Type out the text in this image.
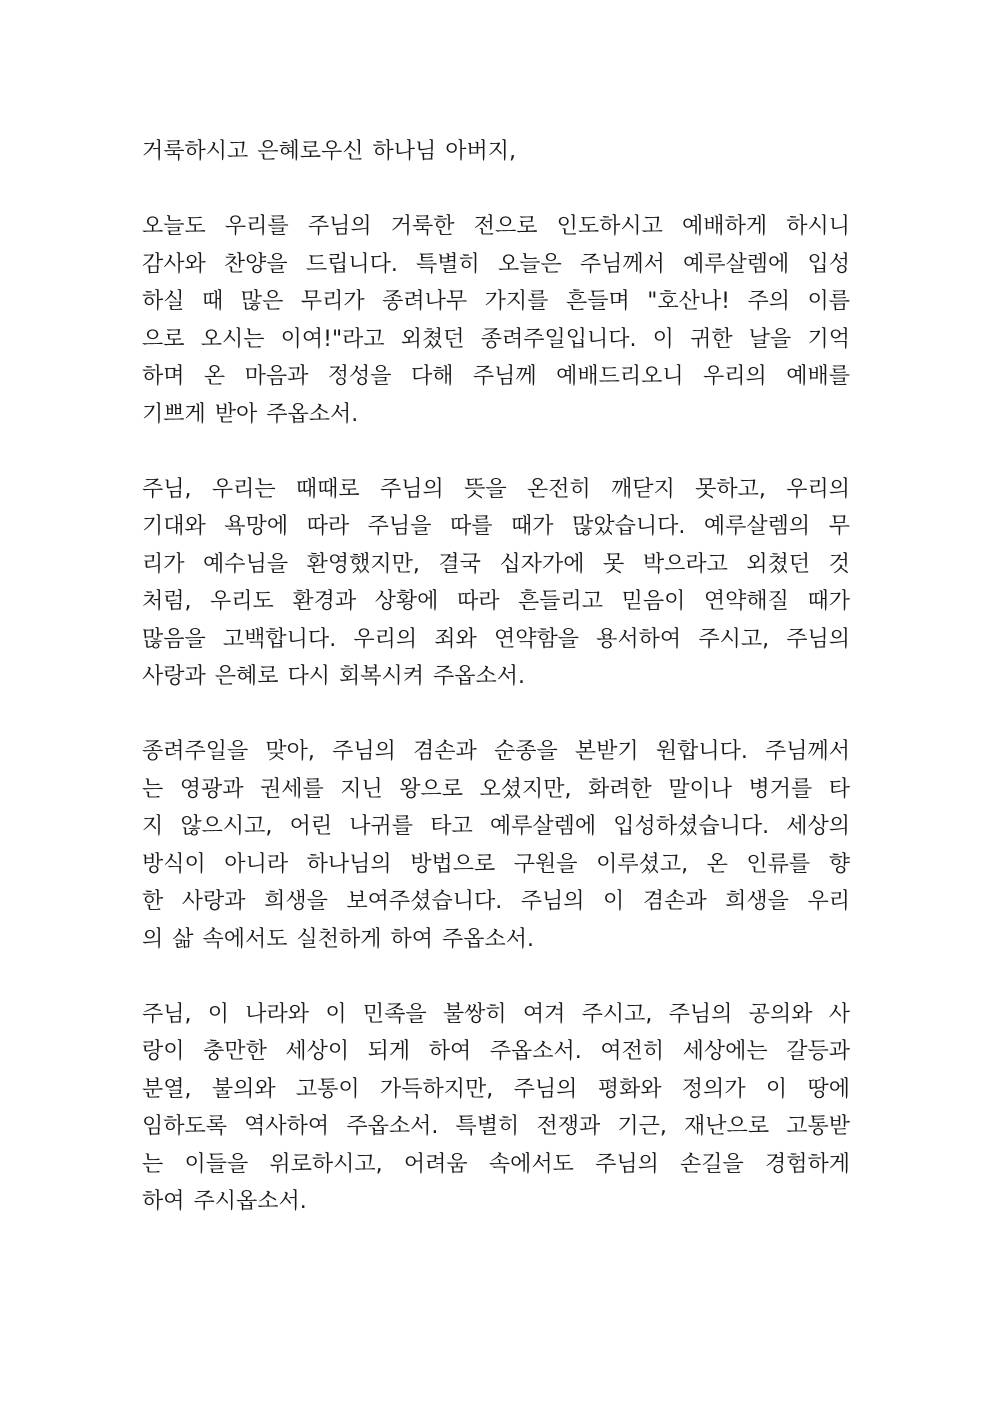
거룩하시고 은혜로우신 하나님 아버지,

오늘도 우리를 주님의 거룩한 전으로 인도하시고 예배하게 하시니
감사와 찬양을 드립니다. 특별히 오늘은 주님께서 예루살렘에 입성
하실 때 많은 무리가 종려나무 가지를 흔들며 "호산나! 주의 이름
으로 오시는 이여!"라고 외쳤던 종려주일입니다. 이 귀한 날을 기억
하며 온 마음과 정성을 다해 주님께 예배드리오니 우리의 예배를
기쁘게 받아 주옵소서.

주님, 우리는 때때로 주님의 뜻을 온전히 깨닫지 못하고, 우리의
기대와 욕망에 따라 주님을 따를 때가 많았습니다. 예루살렘의 무
리가 예수님을 환영했지만, 결국 십자가에 못 박으라고 외쳤던 것
처럼, 우리도 환경과 상황에 따라 흔들리고 믿음이 연약해질 때가
많음을 고백합니다. 우리의 죄와 연약함을 용서하여 주시고, 주님의
사랑과 은혜로 다시 회복시켜 주옵소서.

종려주일을 맞아, 주님의 겸손과 순종을 본받기 원합니다. 주님께서
는 영광과 권세를 지닌 왕으로 오셨지만, 화려한 말이나 병거를 타
지 않으시고, 어린 나귀를 타고 예루살렘에 입성하셨습니다. 세상의
방식이 아니라 하나님의 방법으로 구원을 이루셨고, 온 인류를 향
한 사랑과 희생을 보여주셨습니다. 주님의 이 겸손과 희생을 우리
의 삶 속에서도 실천하게 하여 주옵소서.

주님, 이 나라와 이 민족을 불쌍히 여겨 주시고, 주님의 공의와 사
랑이 충만한 세상이 되게 하여 주옵소서. 여전히 세상에는 갈등과
분열, 불의와 고통이 가득하지만, 주님의 평화와 정의가 이 땅에
임하도록 역사하여 주옵소서. 특별히 전쟁과 기근, 재난으로 고통받
는 이들을 위로하시고, 어려움 속에서도 주님의 손길을 경험하게
하여 주시옵소서.
